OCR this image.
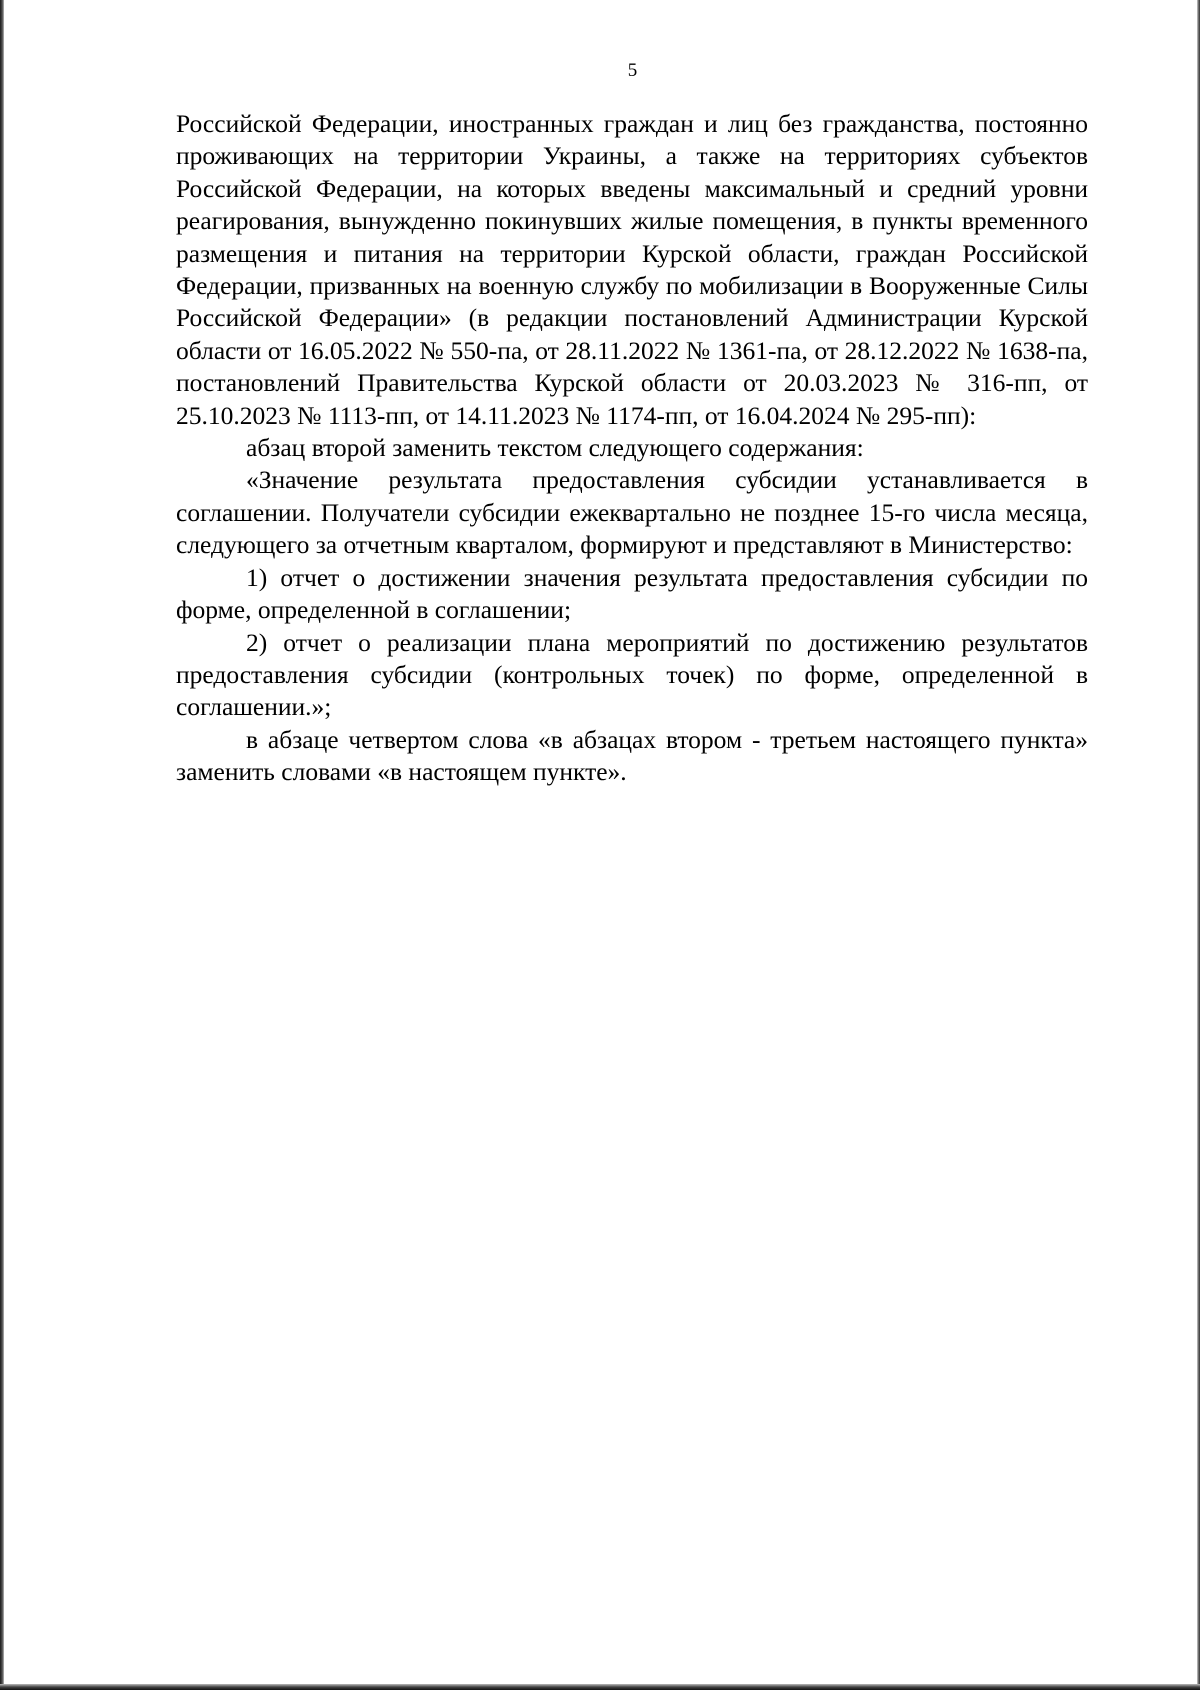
5

Российской Федерации, иностранных граждан и лиц без гражданства, постоянно проживающих на территории Украины, а также на территориях субъектов Российской Федерации, на которых введены максимальный и средний уровни реагирования, вынужденно покинувших жилые помещения, в пункты временного размещения и питания на территории Курской области, граждан Российской Федерации, призванных на военную службу по мобилизации в Вооруженные Силы Российской Федерации» (в редакции постановлений Администрации Курской области от 16.05.2022 № 550-па, от 28.11.2022 № 1361-па, от 28.12.2022 № 1638-па, постановлений Правительства Курской области от 20.03.2023 № 316-пп, от 25.10.2023 № 1113-пп, от 14.11.2023 № 1174-пп, от 16.04.2024 № 295-пп):

абзац второй заменить текстом следующего содержания:

«Значение результата предоставления субсидии устанавливается в соглашении. Получатели субсидии ежеквартально не позднее 15-го числа месяца, следующего за отчетным кварталом, формируют и представляют в Министерство:

1) отчет о достижении значения результата предоставления субсидии по форме, определенной в соглашении;

2) отчет о реализации плана мероприятий по достижению результатов предоставления субсидии (контрольных точек) по форме, определенной в соглашении.»;

в абзаце четвертом слова «в абзацах втором - третьем настоящего пункта» заменить словами «в настоящем пункте».
